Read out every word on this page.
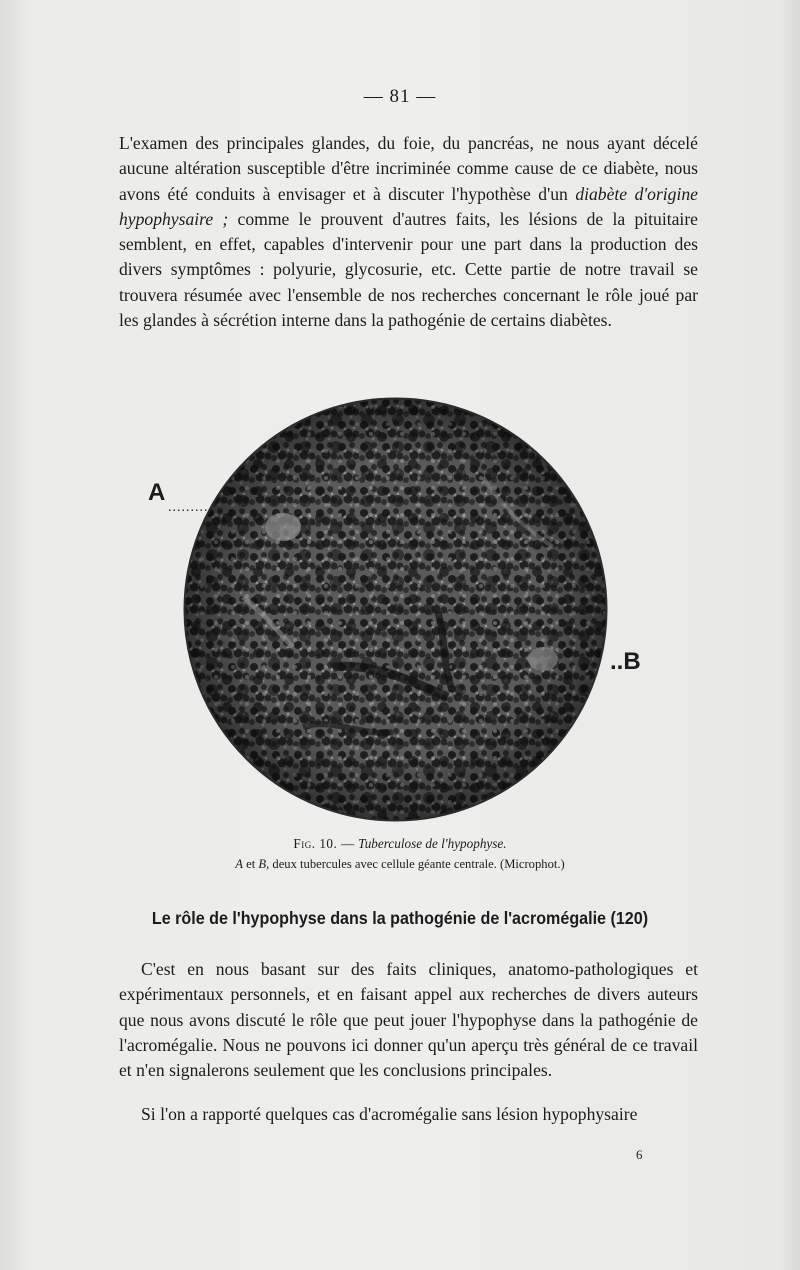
— 81 —

L'examen des principales glandes, du foie, du pancréas, ne nous ayant décelé aucune altération susceptible d'être incriminée comme cause de ce diabète, nous avons été conduits à envisager et à discuter l'hypothèse d'un diabète d'origine hypophysaire ; comme le prouvent d'autres faits, les lésions de la pituitaire semblent, en effet, capables d'intervenir pour une part dans la production des divers symptômes : polyurie, glycosurie, etc. Cette partie de notre travail se trouvera résumée avec l'ensemble de nos recherches concernant le rôle joué par les glandes à sécrétion interne dans la pathogénie de certains diabètes.

A
.........
..B
Fig. 10. — Tuberculose de l'hypophyse.
A et B, deux tubercules avec cellule géante centrale. (Microphot.)
Le rôle de l'hypophyse dans la pathogénie de l'acromégalie (120)

C'est en nous basant sur des faits cliniques, anatomo-pathologiques et expérimentaux personnels, et en faisant appel aux recherches de divers auteurs que nous avons discuté le rôle que peut jouer l'hypophyse dans la pathogénie de l'acromégalie. Nous ne pouvons ici donner qu'un aperçu très général de ce travail et n'en signalerons seulement que les conclusions principales.

Si l'on a rapporté quelques cas d'acromégalie sans lésion hypophysaire

6
